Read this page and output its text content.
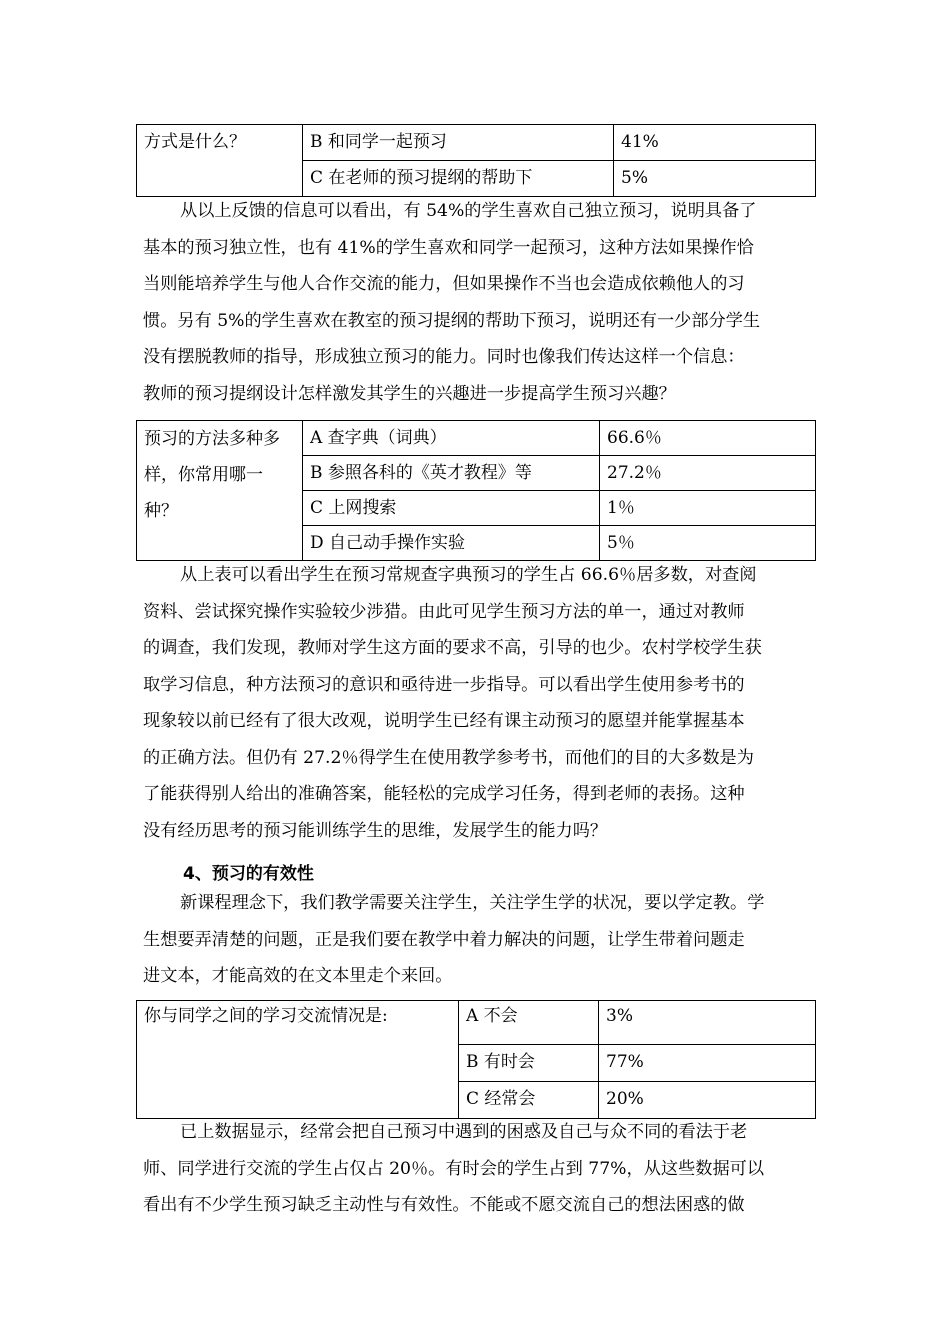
方式是什么？	B 和同学一起预习	41%
	C 在老师的预习提纲的帮助下	5%
从以上反馈的信息可以看出，有 54%的学生喜欢自己独立预习，说明具备了
基本的预习独立性，也有 41%的学生喜欢和同学一起预习，这种方法如果操作恰
当则能培养学生与他人合作交流的能力，但如果操作不当也会造成依赖他人的习
惯。另有 5%的学生喜欢在教室的预习提纲的帮助下预习，说明还有一少部分学生
没有摆脱教师的指导，形成独立预习的能力。同时也像我们传达这样一个信息：
教师的预习提纲设计怎样激发其学生的兴趣进一步提高学生预习兴趣？
预习的方法多种多样，你常用哪一种？	A 查字典（词典）	66.6％
	B 参照各科的《英才教程》等	27.2％
	C 上网搜索	1％
	D 自己动手操作实验	5％
从上表可以看出学生在预习常规查字典预习的学生占 66.6％居多数，对查阅
资料、尝试探究操作实验较少涉猎。由此可见学生预习方法的单一，通过对教师
的调查，我们发现，教师对学生这方面的要求不高，引导的也少。农村学校学生获
取学习信息，种方法预习的意识和亟待进一步指导。可以看出学生使用参考书的
现象较以前已经有了很大改观，说明学生已经有课主动预习的愿望并能掌握基本
的正确方法。但仍有 27.2％得学生在使用教学参考书，而他们的目的大多数是为
了能获得别人给出的准确答案，能轻松的完成学习任务，得到老师的表扬。这种
没有经历思考的预习能训练学生的思维，发展学生的能力吗？
4、预习的有效性
新课程理念下，我们教学需要关注学生，关注学生学的状况，要以学定教。学
生想要弄清楚的问题，正是我们要在教学中着力解决的问题，让学生带着问题走
进文本，才能高效的在文本里走个来回。
你与同学之间的学习交流情况是:	A 不会	3%
	B 有时会	77%
	C 经常会	20%
已上数据显示，经常会把自己预习中遇到的困惑及自己与众不同的看法于老
师、同学进行交流的学生占仅占 20％。有时会的学生占到 77%，从这些数据可以
看出有不少学生预习缺乏主动性与有效性。不能或不愿交流自己的想法困惑的做
